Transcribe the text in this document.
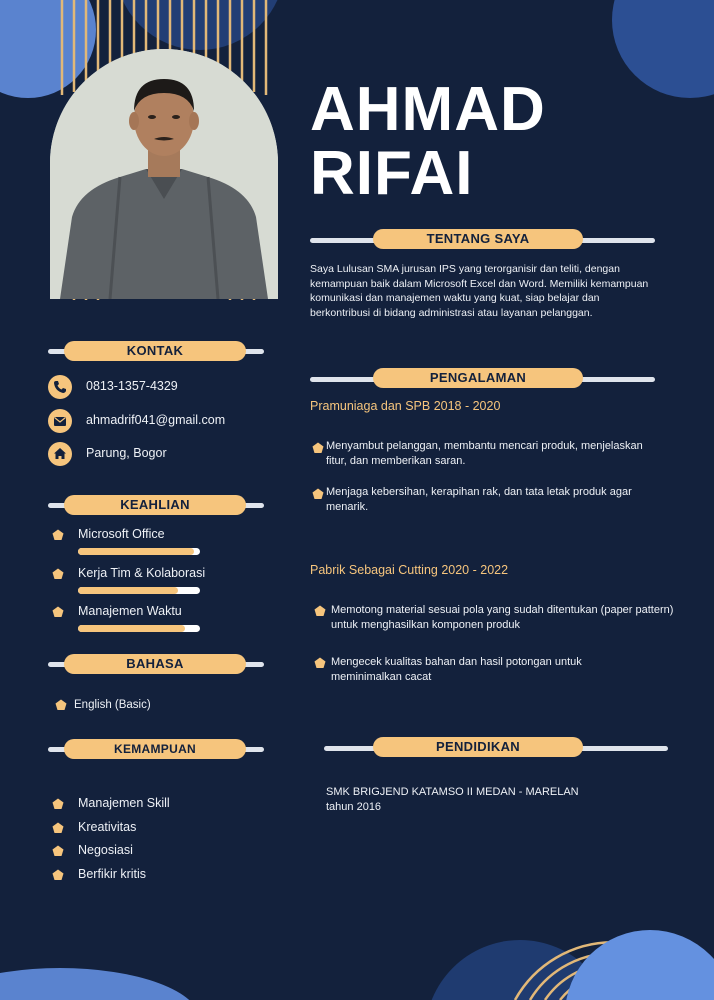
AHMAD
RIFAI
TENTANG SAYA
Saya Lulusan SMA jurusan IPS yang terorganisir dan teliti, dengan kemampuan baik dalam Microsoft Excel dan Word. Memiliki kemampuan komunikasi dan manajemen waktu yang kuat, siap belajar dan berkontribusi di bidang administrasi atau layanan pelanggan.
KONTAK
0813-1357-4329
ahmadrif041@gmail.com
Parung, Bogor
KEAHLIAN
Microsoft Office
Kerja Tim & Kolaborasi
Manajemen Waktu
BAHASA
English (Basic)
KEMAMPUAN
Manajemen Skill
Kreativitas
Negosiasi
Berfikir kritis
PENGALAMAN
Pramuniaga dan SPB 2018 - 2020
Menyambut pelanggan, membantu mencari produk, menjelaskan fitur, dan memberikan saran.
Menjaga kebersihan, kerapihan rak, dan tata letak produk agar menarik.
Pabrik Sebagai Cutting 2020 - 2022
Memotong material sesuai pola yang sudah ditentukan (paper pattern) untuk menghasilkan komponen produk
Mengecek kualitas bahan dan hasil potongan untuk meminimalkan cacat
PENDIDIKAN
SMK BRIGJEND KATAMSO II MEDAN - MARELAN
tahun 2016
